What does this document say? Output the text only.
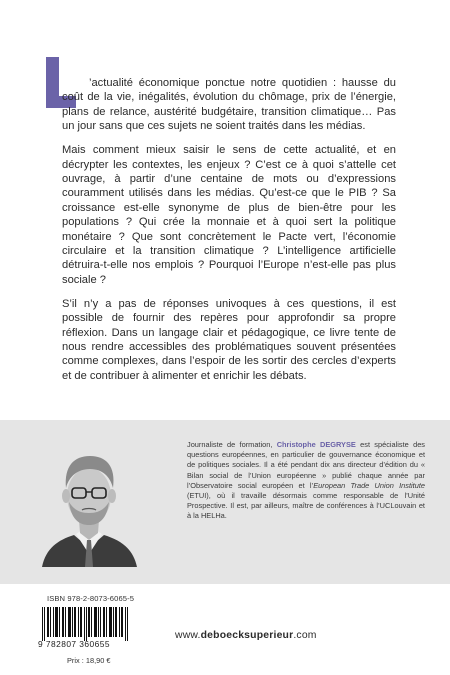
’actualité économique ponctue notre quotidien : hausse du coût de la vie, inégalités, évolution du chômage, prix de l’énergie, plans de relance, austérité budgétaire, transition climatique… Pas un jour sans que ces sujets ne soient traités dans les médias.

Mais comment mieux saisir le sens de cette actualité, et en décrypter les contextes, les enjeux ? C’est ce à quoi s’attelle cet ouvrage, à partir d’une centaine de mots ou d’expressions couramment utilisés dans les médias. Qu’est-ce que le PIB ? Sa croissance est-elle synonyme de plus de bien-être pour les populations ? Qui crée la monnaie et à quoi sert la politique monétaire ? Que sont concrètement le Pacte vert, l’économie circulaire et la transition climatique ? L’intelligence artificielle détruira-t-elle nos emplois ? Pourquoi l’Europe n’est-elle pas plus sociale ?

S’il n’y a pas de réponses univoques à ces questions, il est possible de fournir des repères pour approfondir sa propre réflexion. Dans un langage clair et pédagogique, ce livre tente de nous rendre accessibles des problématiques souvent présentées comme complexes, dans l’espoir de les sortir des cercles d’experts et de contribuer à alimenter et enrichir les débats.

Journaliste de formation, Christophe DEGRYSE est spécialiste des questions européennes, en particulier de gouvernance économique et de politiques sociales. Il a été pendant dix ans directeur d’édition du « Bilan social de l’Union européenne » publié chaque année par l’Observatoire social européen et l’European Trade Union Institute (ETUI), où il travaille désormais comme responsable de l’Unité Prospective. Il est, par ailleurs, maître de conférences à l’UCLouvain et à la HELHa.

ISBN 978-2-8073-6065-5
9 782807 360655
Prix : 18,90 €
www.deboecksuperieur.com
